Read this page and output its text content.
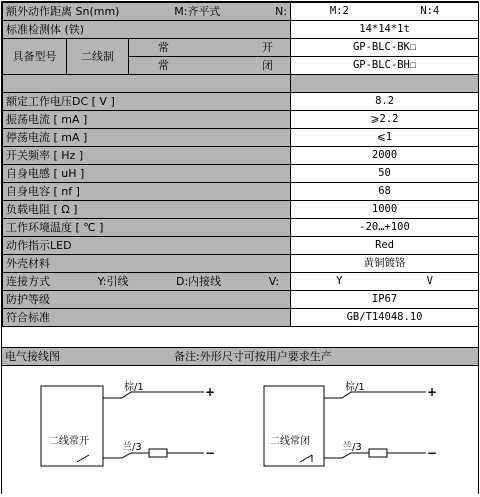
额外动作距离 Sn(mm) M:齐平式 N:			M:2 N:4

标准检测体 (铁)			14*14*1t
具备型号	二线制	常 开	GP-BLC-BK☐

		常 闭	GP-BLC-BH☐

额定工作电压DC [ V ]			8.2
振荡电流 [ mA ]			⩾2.2
停荡电流 [ mA ]			⩽1
开关频率 [ Hz ]			2000
自身电感 [ uH ]			50
自身电容 [ nf ]			68
负载电阻 [ Ω ]			1000
工作环境温度 [ ℃ ]			-20…+100
动作指示LED			Red
外壳材料			黄铜镀铬

连接方式 Y:引线 D:内接线 V:			Y V

防护等级			IP67
符合标准			GB/T14048.10
电气接线图	备注:外形尺寸可按用户要求生产
二线常开
棕/1
兰/3
+
−
二线常闭
棕/1
兰/3
+
−
